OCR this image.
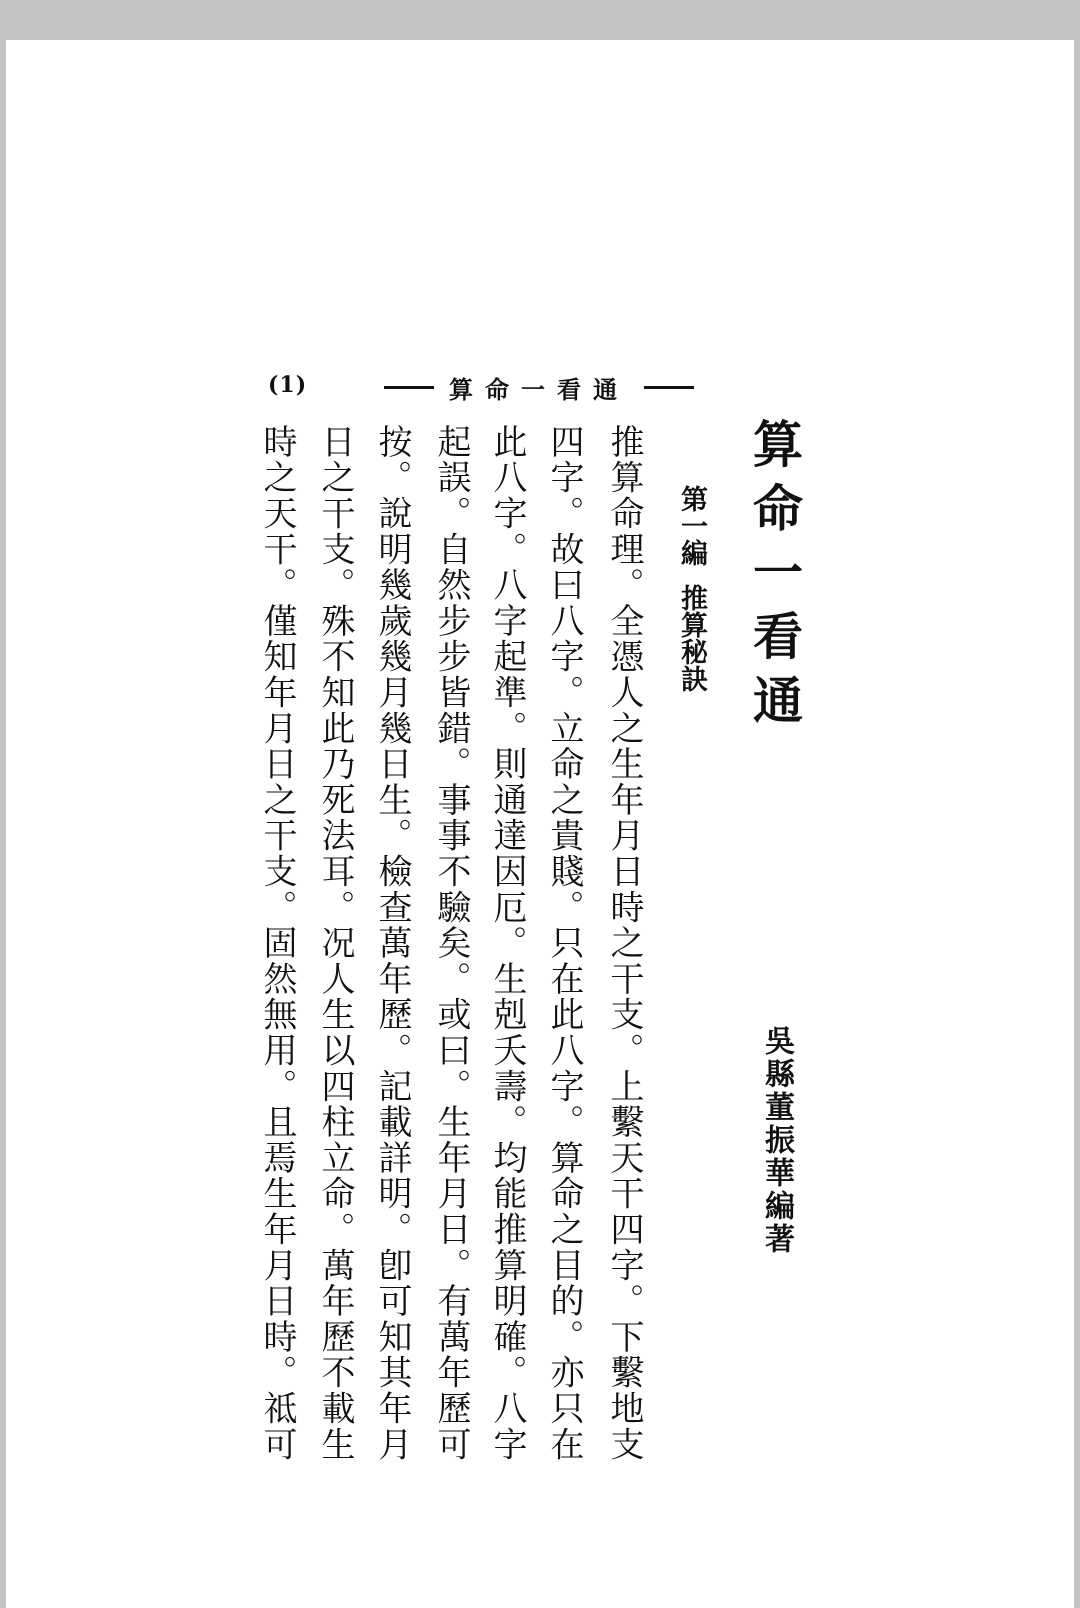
(1)	算命一看通
算命一看通
吳縣董振華編著
第一編推算秘訣
推算命理。全憑人之生年月日時之干支。上繫天干四字。下繫地支
四字。故曰八字。立命之貴賤。只在此八字。算命之目的。亦只在
此八字。八字起準。則通達因厄。生剋夭壽。均能推算明確。八字
起誤。自然步步皆錯。事事不驗矣。或曰。生年月日。有萬年歷可
按。說明幾歲幾月幾日生。檢查萬年歷。記載詳明。卽可知其年月
日之干支。殊不知此乃死法耳。况人生以四柱立命。萬年歷不載生
時之天干。僅知年月日之干支。固然無用。且焉生年月日時。祗可
